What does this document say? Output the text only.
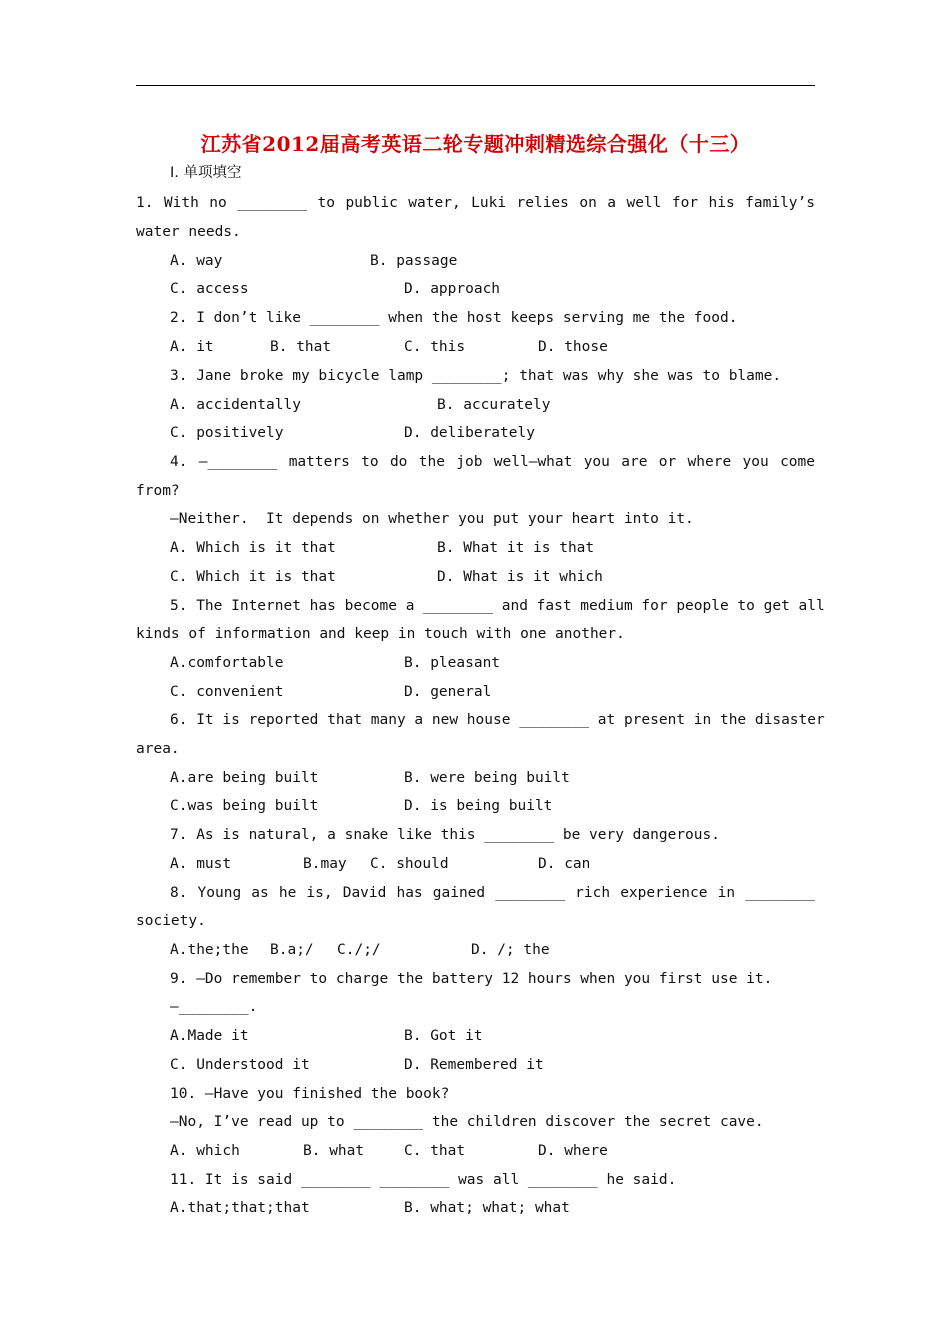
江苏省2012届高考英语二轮专题冲刺精选综合强化（十三）
Ⅰ. 单项填空
1. With no ________ to public water, Luki relies on a well for his family’s
water needs.
A. way	B. passage
C. access	D. approach
2. I don’t like ________ when the host keeps serving me the food.
A. it	B. that	C. this	D. those
3. Jane broke my bicycle lamp ________; that was why she was to blame.
A. accidentally	B. accurately
C. positively	D. deliberately
4. —________ matters to do the job well—what you are or where you come
from?
—Neither.  It depends on whether you put your heart into it.
A. Which is it that	B. What it is that
C. Which it is that	D. What is it which
5. The Internet has become a ________ and fast medium for people to get all
kinds of information and keep in touch with one another.
A.comfortable	B. pleasant
C. convenient	D. general
6. It is reported that many a new house ________ at present in the disaster
area.
A.are being built	B. were being built
C.was being built	D. is being built
7. As is natural, a snake like this ________ be very dangerous.
A. must	B.may C. should	D. can
8. Young as he is, David has gained ________ rich experience in ________
society.
A.the;the B.a;/ C./;/	D. /; the
9. —Do remember to charge the battery 12 hours when you first use it.
—________.
A.Made it	B. Got it
C. Understood it	D. Remembered it
10. —Have you finished the book?
—No, I’ve read up to ________ the children discover the secret cave.
A. which	B. what	C. that	D. where
11. It is said ________ ________ was all ________ he said.
A.that;that;that	B. what; what; what
